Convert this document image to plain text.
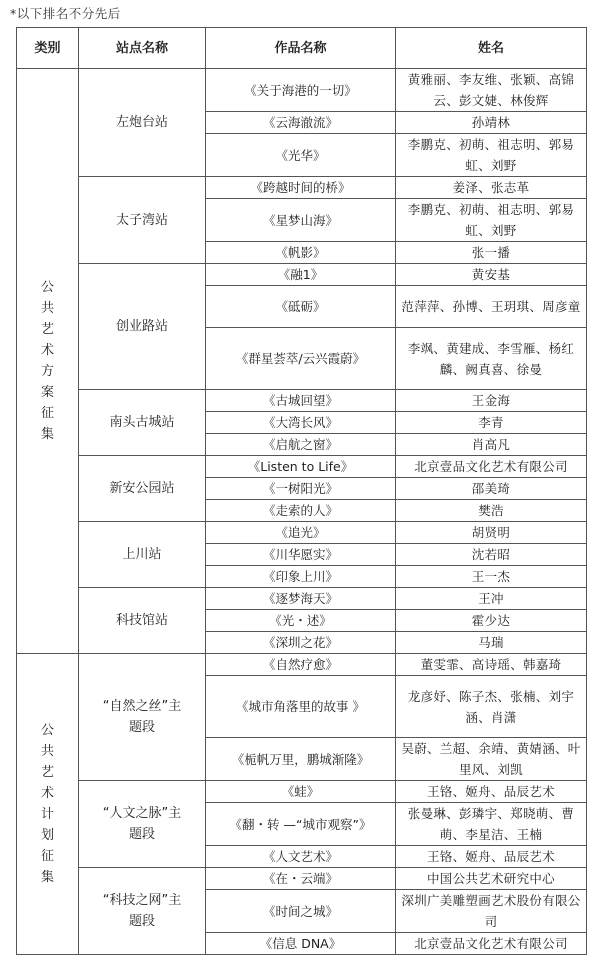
*以下排名不分先后
类别	站点名称	作品名称	姓名
公共艺术方案征集	左炮台站	《关于海港的一切》	黄雅丽、李友维、张颖、高锦云、彭文婕、林俊辉
		《云海澈流》	孙靖林
		《光华》	李鹏克、初萌、祖志明、郭易虹、刘野
	太子湾站	《跨越时间的桥》	姜泽、张志革
		《星梦山海》	李鹏克、初萌、祖志明、郭易虹、刘野
		《帆影》	张一播
	创业路站	《融1》	黄安基
		《砥砺》	范萍萍、孙博、王玥琪、周彦童
		《群星荟萃/云兴霞蔚》	李飒、黄建成、李雪雁、杨红麟、阙真喜、徐曼
	南头古城站	《古城回望》	王金海
		《大湾长风》	李青
		《启航之窗》	肖高凡
	新安公园站	《Listen to Life》	北京壹品文化艺术有限公司
		《一树阳光》	邵美琦
		《走索的人》	樊浩
	上川站	《追光》	胡贤明
		《川华愿实》	沈若昭
		《印象上川》	王一杰
	科技馆站	《逐梦海天》	王冲
		《光・述》	霍少达
		《深圳之花》	马瑞
公共艺术计划征集	“自然之丝”主题段	《自然疗愈》	董雯霏、高诗瑶、韩嘉琦
		《城市角落里的故事 》	龙彦妤、陈子杰、张楠、刘宇涵、肖潇
		《栀帆万里，鹏城渐隆》	吴蔚、兰超、余靖、黄婧涵、叶里风、刘凯
	“人文之脉”主题段	《蛙》	王铬、姬舟、品辰艺术
		《翻・转 —“城市观察”》	张曼琳、彭璘宇、郑晓萌、曹萌、李星洁、王楠
		《人文艺术》	王铬、姬舟、品辰艺术
	“科技之网”主题段	《在・云端》	中国公共艺术研究中心
		《时间之城》	深圳广美雕塑画艺术股份有限公司
		《信息 DNA》	北京壹品文化艺术有限公司
